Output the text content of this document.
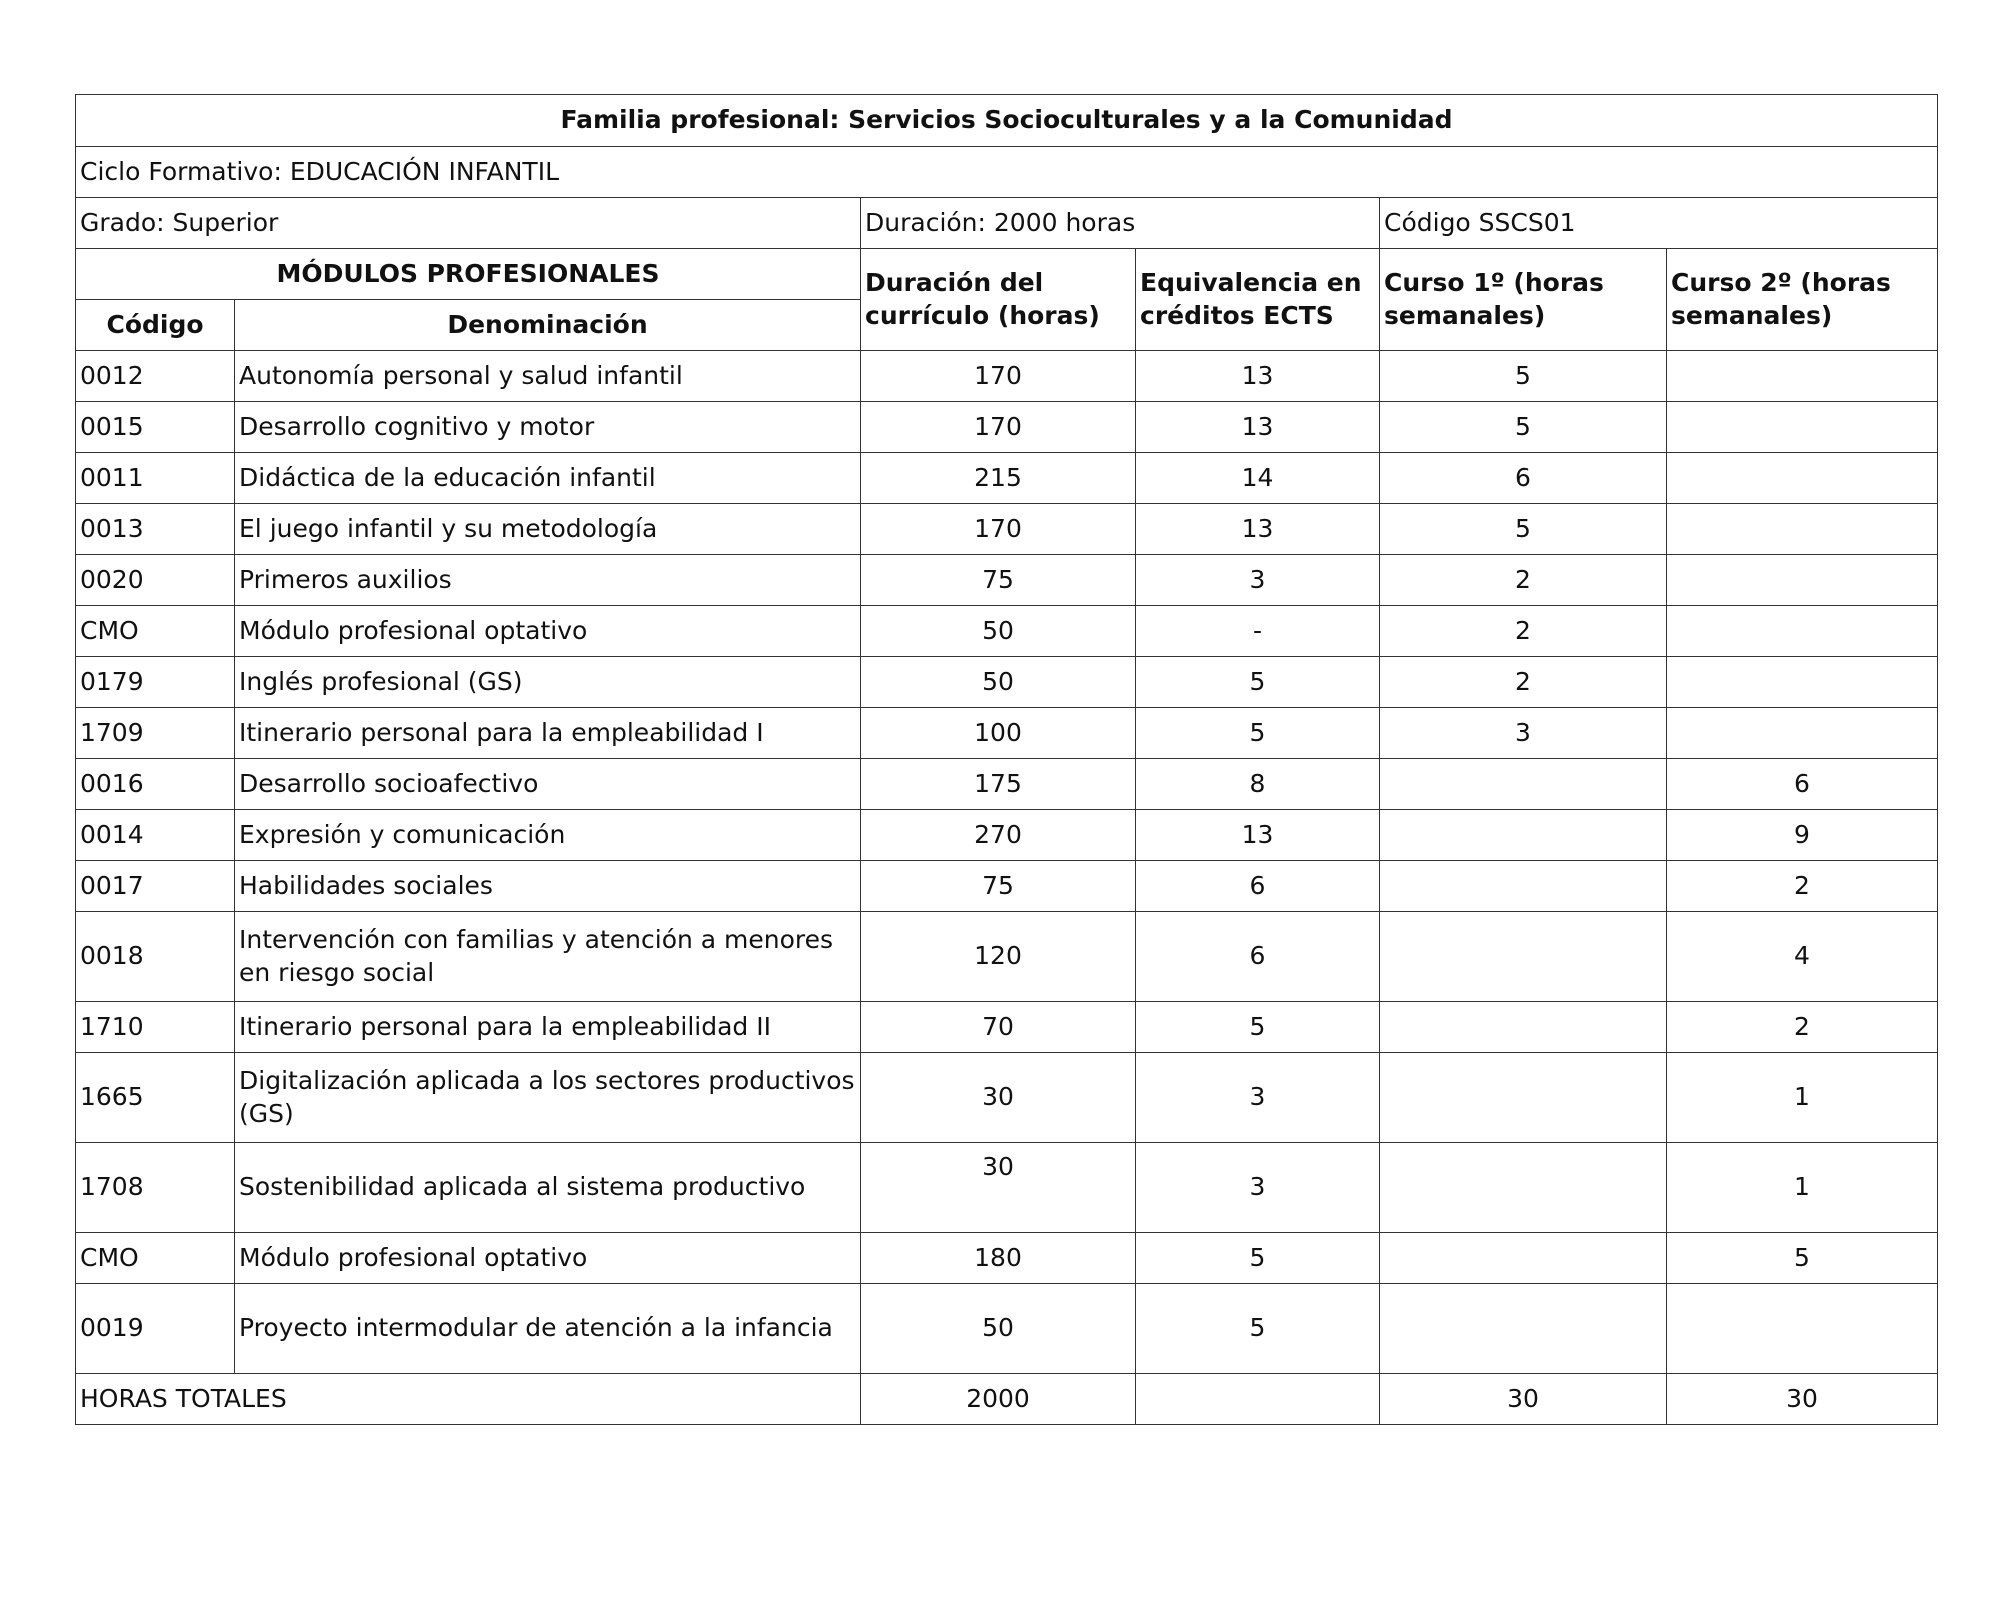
Familia profesional: Servicios Socioculturales y a la Comunidad					
Ciclo Formativo: EDUCACIÓN INFANTIL					
Grado: Superior		Duración: 2000 horas		Código SSCS01	
MÓDULOS PROFESIONALES		Duración del currículo (horas)	Equivalencia en créditos ECTS	Curso 1º (horas semanales)	Curso 2º (horas semanales)
Código	Denominación				
0012	Autonomía personal y salud infantil	170	13	5	
0015	Desarrollo cognitivo y motor	170	13	5	
0011	Didáctica de la educación infantil	215	14	6	
0013	El juego infantil y su metodología	170	13	5	
0020	Primeros auxilios	75	3	2	
CMO	Módulo profesional optativo	50	-	2	
0179	Inglés profesional (GS)	50	5	2	
1709	Itinerario personal para la empleabilidad I	100	5	3	
0016	Desarrollo socioafectivo	175	8		6
0014	Expresión y comunicación	270	13		9
0017	Habilidades sociales	75	6		2
0018	Intervención con familias y atención a menores en riesgo social	120	6		4
1710	Itinerario personal para la empleabilidad II	70	5		2
1665	Digitalización aplicada a los sectores productivos (GS)	30	3		1
1708	Sostenibilidad aplicada al sistema productivo	30	3		1
CMO	Módulo profesional optativo	180	5		5
0019	Proyecto intermodular de atención a la infancia	50	5		
HORAS TOTALES		2000		30	30
